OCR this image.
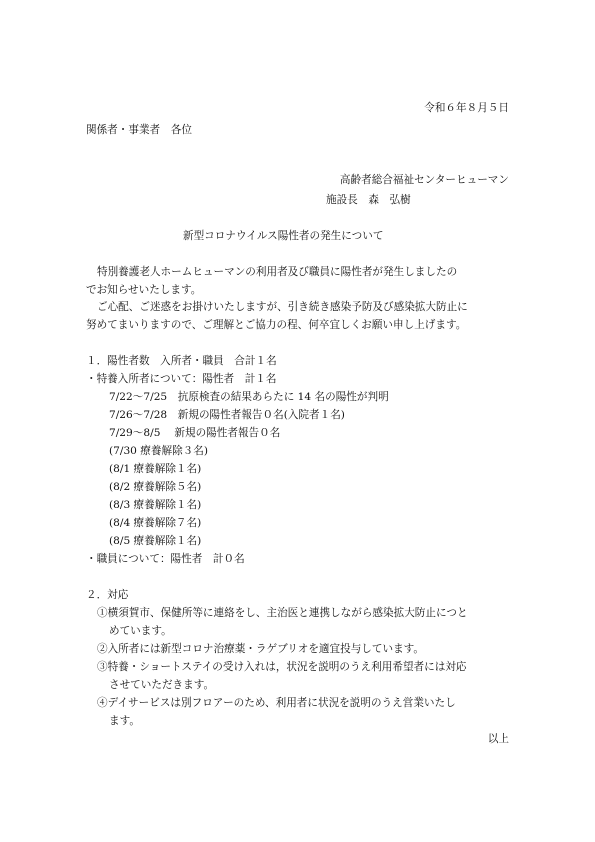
令和６年８月５日
関係者・事業者　各位
高齢者総合福祉センターヒューマン
施設長　森　弘樹
新型コロナウイルス陽性者の発生について
特別養護老人ホームヒューマンの利用者及び職員に陽性者が発生しましたの
でお知らせいたします。
ご心配、ご迷惑をお掛けいたしますが、引き続き感染予防及び感染拡大防止に
努めてまいりますので、ご理解とご協力の程、何卒宜しくお願い申し上げます。
１．陽性者数　入所者・職員　合計１名
・特養入所者について：陽性者　計１名
7/22〜7/25　抗原検査の結果あらたに 14 名の陽性が判明
7/26〜7/28　新規の陽性者報告０名(入院者１名)
7/29〜8/5　 新規の陽性者報告０名
(7/30 療養解除３名)
(8/1 療養解除１名)
(8/2 療養解除５名)
(8/3 療養解除１名)
(8/4 療養解除７名)
(8/5 療養解除１名)
・職員について：陽性者　計０名
２．対応
①横須賀市、保健所等に連絡をし、主治医と連携しながら感染拡大防止につと
めています。
②入所者には新型コロナ治療薬・ラゲブリオを適宜投与しています。
③特養・ショートステイの受け入れは，状況を説明のうえ利用希望者には対応
させていただきます。
④デイサービスは別フロアーのため、利用者に状況を説明のうえ営業いたし
ます。
以上
